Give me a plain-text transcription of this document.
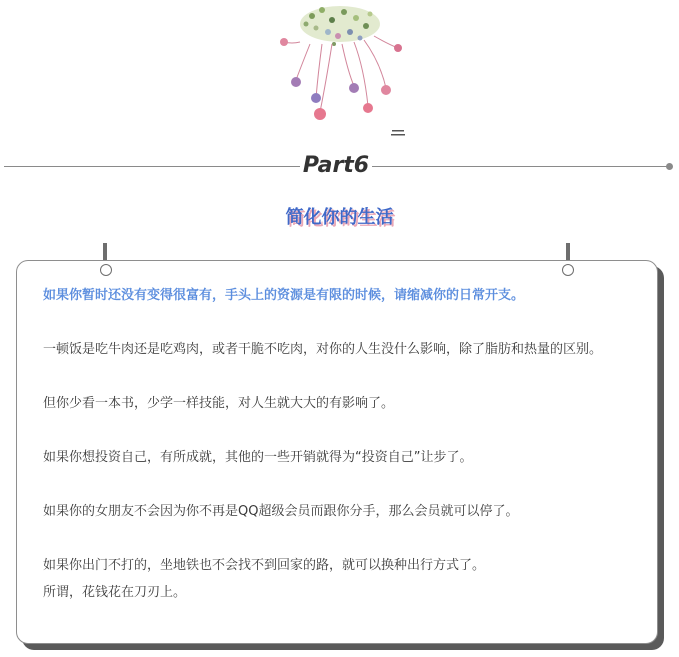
Part6
简化你的生活

如果你暂时还没有变得很富有，手头上的资源是有限的时候，请缩减你的日常开支。

一顿饭是吃牛肉还是吃鸡肉，或者干脆不吃肉，对你的人生没什么影响，除了脂肪和热量的区别。

但你少看一本书，少学一样技能，对人生就大大的有影响了。

如果你想投资自己，有所成就，其他的一些开销就得为“投资自己”让步了。

如果你的女朋友不会因为你不再是QQ超级会员而跟你分手，那么会员就可以停了。

如果你出门不打的，坐地铁也不会找不到回家的路，就可以换种出行方式了。

所谓，花钱花在刀刃上。
